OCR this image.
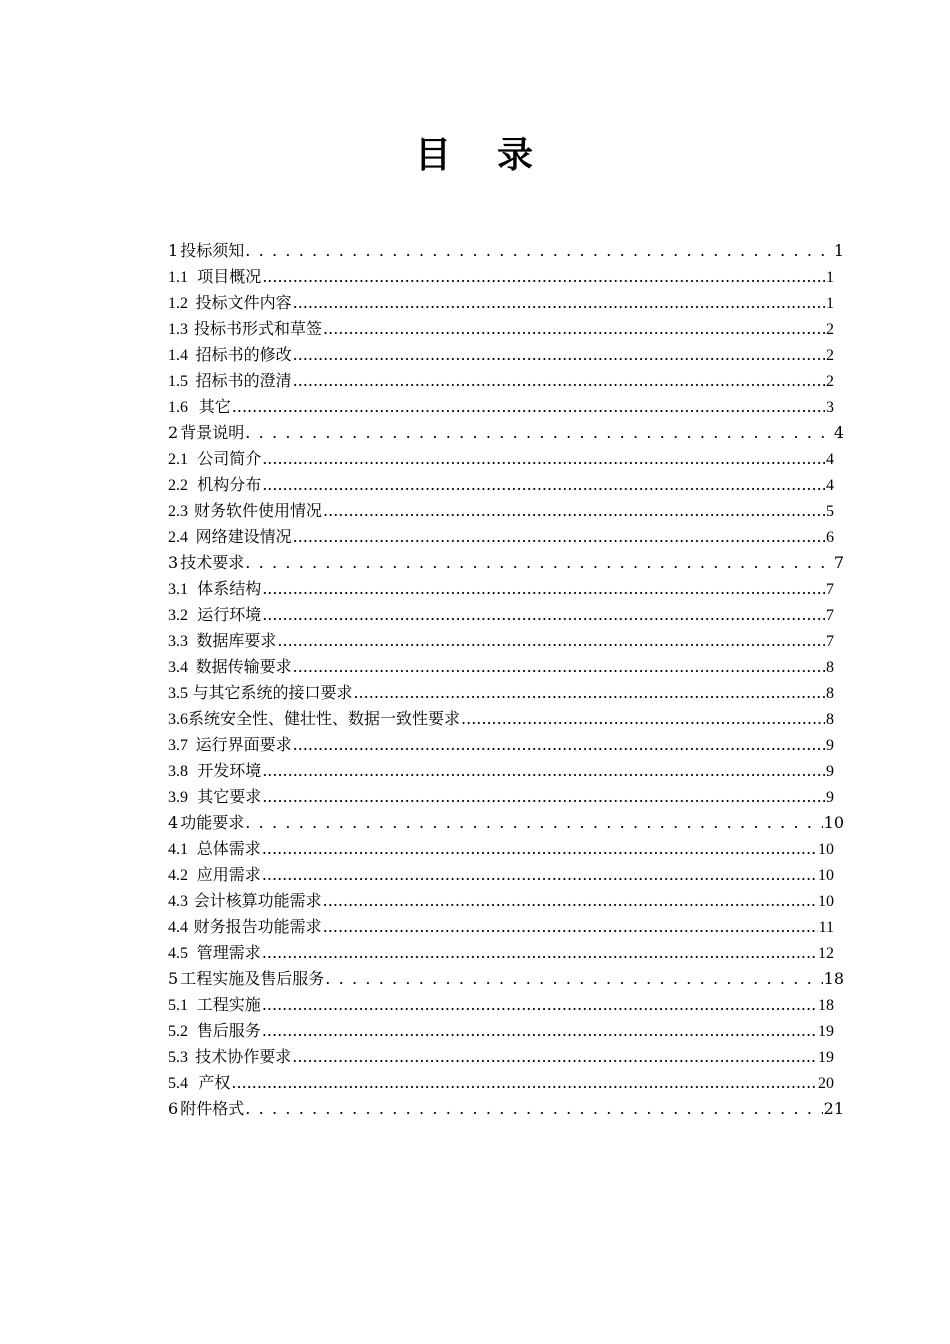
目 录
1 投标须知 . . .	1
1.1 项目概况 .....	1
1.2 投标文件内容 .....	1
1.3 投标书形式和草签 .....	2
1.4 招标书的修改 .....	2
1.5 招标书的澄清 .....	2
1.6 其它 .....	3
2 背景说明 . . .	4
2.1 公司简介 .....	4
2.2 机构分布 .....	4
2.3 财务软件使用情况 .....	5
2.4 网络建设情况 .....	6
3 技术要求 . . .	7
3.1 体系结构 .....	7
3.2 运行环境 .....	7
3.3 数据库要求 .....	7
3.4 数据传输要求 .....	8
3.5 与其它系统的接口要求 .....	8
3.6 系统安全性、健壮性、数据一致性要求 .....	8
3.7 运行界面要求 .....	9
3.8 开发环境 .....	9
3.9 其它要求 .....	9
4 功能要求 . . .	10
4.1 总体需求 .....	10
4.2 应用需求 .....	10
4.3 会计核算功能需求 .....	10
4.4 财务报告功能需求 .....	11
4.5 管理需求 .....	12
5 工程实施及售后服务 . . .	18
5.1 工程实施 .....	18
5.2 售后服务 .....	19
5.3 技术协作要求 .....	19
5.4 产权 .....	20
6 附件格式 . . .	21
